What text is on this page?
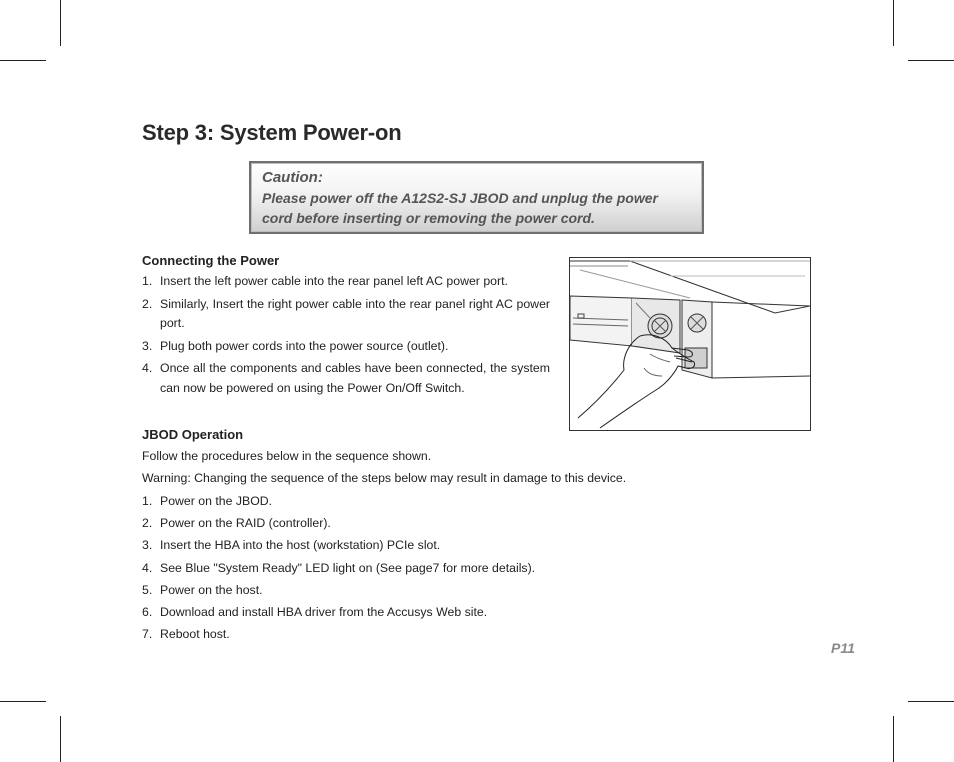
Step 3: System Power-on
Caution:
Please power off the A12S2-SJ JBOD and unplug the power cord before inserting or removing the power cord.
Connecting the Power
1. Insert the left power cable into the rear panel left AC power port.
2. Similarly, Insert the right power cable into the rear panel right AC power port.
3. Plug both power cords into the power source (outlet).
4. Once all the components and cables have been connected, the system can now be powered on using the Power On/Off Switch.
JBOD Operation
Follow the procedures below in the sequence shown.
Warning: Changing the sequence of the steps below may result in damage to this device.
1. Power on the JBOD.
2. Power on the RAID (controller).
3. Insert the HBA into the host (workstation) PCIe slot.
4. See Blue "System Ready" LED light on (See page7 for more details).
5. Power on the host.
6. Download and install HBA driver from the Accusys Web site.
7. Reboot host.
P11
